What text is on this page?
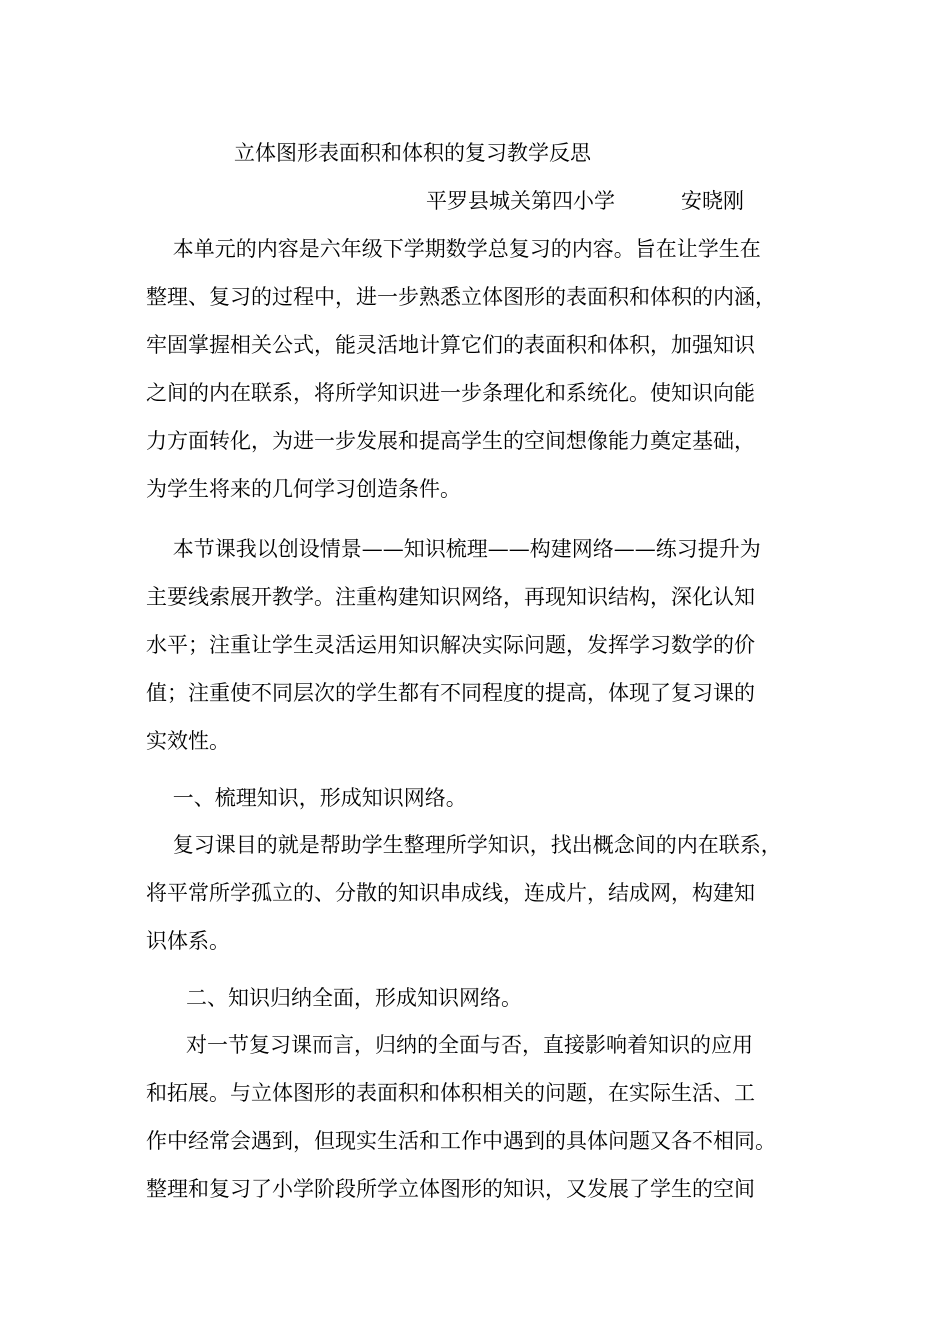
立体图形表面积和体积的复习教学反思
平罗县城关第四小学	安晓刚
本单元的内容是六年级下学期数学总复习的内容。旨在让学生在
整理、复习的过程中，进一步熟悉立体图形的表面积和体积的内涵，
牢固掌握相关公式，能灵活地计算它们的表面积和体积，加强知识
之间的内在联系，将所学知识进一步条理化和系统化。使知识向能
力方面转化，为进一步发展和提高学生的空间想像能力奠定基础，
为学生将来的几何学习创造条件。
本节课我以创设情景——知识梳理——构建网络——练习提升为
主要线索展开教学。注重构建知识网络，再现知识结构，深化认知
水平；注重让学生灵活运用知识解决实际问题，发挥学习数学的价
值；注重使不同层次的学生都有不同程度的提高，体现了复习课的
实效性。
一、梳理知识，形成知识网络。
复习课目的就是帮助学生整理所学知识，找出概念间的内在联系，
将平常所学孤立的、分散的知识串成线，连成片，结成网，构建知
识体系。
二、知识归纳全面，形成知识网络。
对一节复习课而言，归纳的全面与否，直接影响着知识的应用
和拓展。与立体图形的表面积和体积相关的问题，在实际生活、工
作中经常会遇到，但现实生活和工作中遇到的具体问题又各不相同。
整理和复习了小学阶段所学立体图形的知识，又发展了学生的空间
